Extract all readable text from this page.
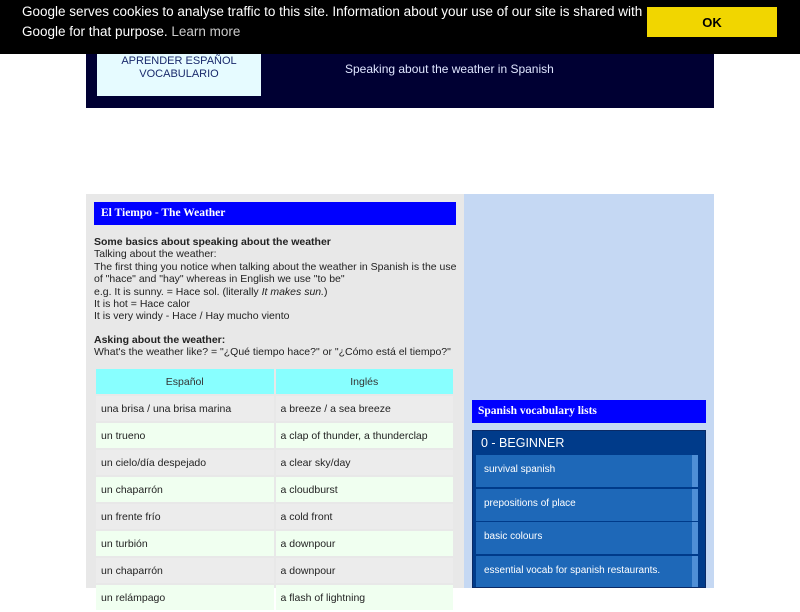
APRENDER ESPAÑOL
VOCABULARIO	Speaking about the weather in Spanish
Google serves cookies to analyse traffic to this site. Information about your use of our site is shared with Google for that purpose. Learn more
OK
El Tiempo - The Weather

Some basics about speaking about the weather

Talking about the weather:

The first thing you notice when talking about the weather in Spanish is the use of "hace" and "hay" whereas in English we use "to be"

e.g. It is sunny. = Hace sol. (literally It makes sun.)

It is hot = Hace calor

It is very windy - Hace / Hay mucho viento

Asking about the weather:

What's the weather like? = "¿Qué tiempo hace?" or "¿Cómo está el tiempo?"

Español	Inglés
una brisa / una brisa marina	a breeze / a sea breeze
un trueno	a clap of thunder, a thunderclap
un cielo/día despejado	a clear sky/day
un chaparrón	a cloudburst
un frente frío	a cold front
un turbión	a downpour
un chaparrón	a downpour
un relámpago	a flash of lightning
Spanish vocabulary lists
0 - BEGINNER
survival spanish
prepositions of place
basic colours
essential vocab for spanish restaurants.
